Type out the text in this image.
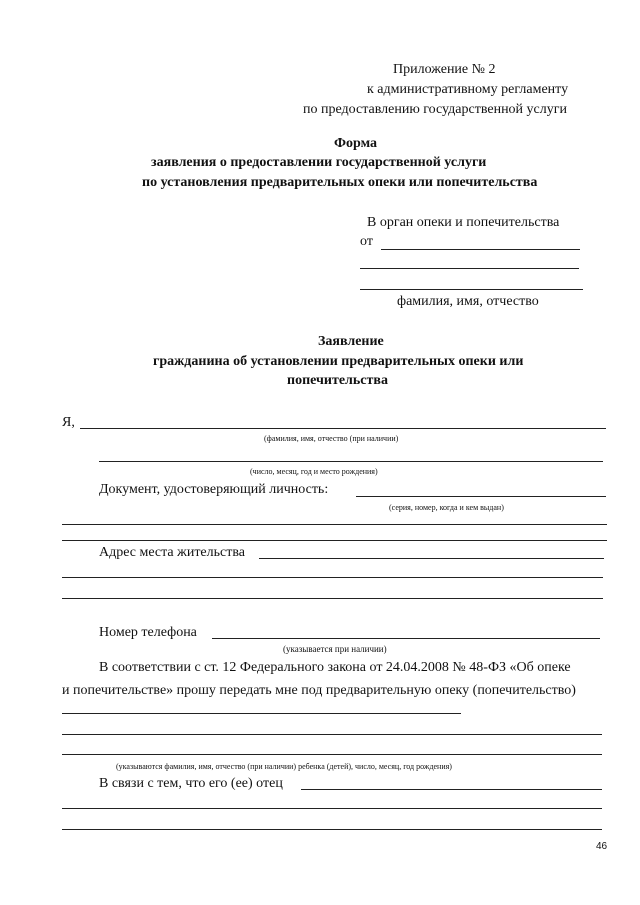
Приложение № 2
к административному регламенту
по предоставлению государственной услуги
Форма
заявления о предоставлении государственной услуги
по установления предварительных опеки или попечительства
В орган опеки и попечительства
от
фамилия, имя, отчество
Заявление
гражданина об установлении предварительных опеки или
попечительства
Я,
(фамилия, имя, отчество (при наличии)
(число, месяц, год и место рождения)
Документ, удостоверяющий личность:
(серия, номер, когда и кем выдан)
Адрес места жительства
Номер телефона
(указывается при наличии)
В соответствии с ст. 12 Федерального закона от 24.04.2008 № 48-ФЗ «Об опеке
и попечительстве» прошу передать мне под предварительную опеку (попечительство)
(указываются фамилия, имя, отчество (при наличии) ребенка (детей), число, месяц, год рождения)
В связи с тем, что его (ее) отец
46
